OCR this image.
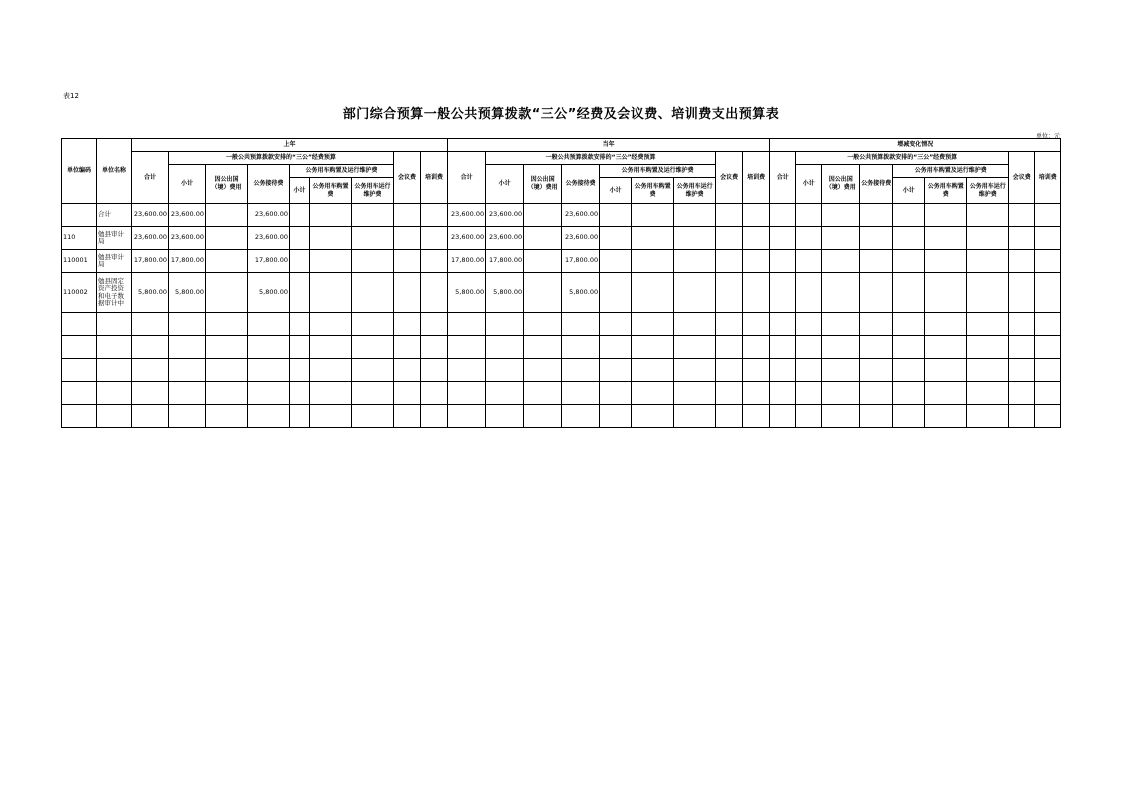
表12
部门综合预算一般公共预算拨款“三公”经费及会议费、培训费支出预算表
单位：元
单位编码	单位名称	上年									当年									增减变化情况								
		合计	一般公共预算拨款安排的“三公”经费预算						会议费	培训费	合计	一般公共预算拨款安排的“三公”经费预算						会议费	培训费	合计	一般公共预算拨款安排的“三公”经费预算						会议费	培训费
			小计	因公出国（境）费用	公务接待费	公务用车购置及运行维护费						小计	因公出国（境）费用	公务接待费	公务用车购置及运行维护费						小计	因公出国（境）费用	公务接待费	公务用车购置及运行维护费				
						小计	公务用车购置费	公务用车运行维护费							小计	公务用车购置费	公务用车运行维护费							小计	公务用车购置费	公务用车运行维护费		
	合计	23,600.00	23,600.00		23,600.00						23,600.00	23,600.00		23,600.00														
110	勉县审计局	23,600.00	23,600.00		23,600.00						23,600.00	23,600.00		23,600.00														
110001	勉县审计局	17,800.00	17,800.00		17,800.00						17,800.00	17,800.00		17,800.00														
110002	勉县固定资产投资和电子数据审计中	5,800.00	5,800.00		5,800.00						5,800.00	5,800.00		5,800.00														
